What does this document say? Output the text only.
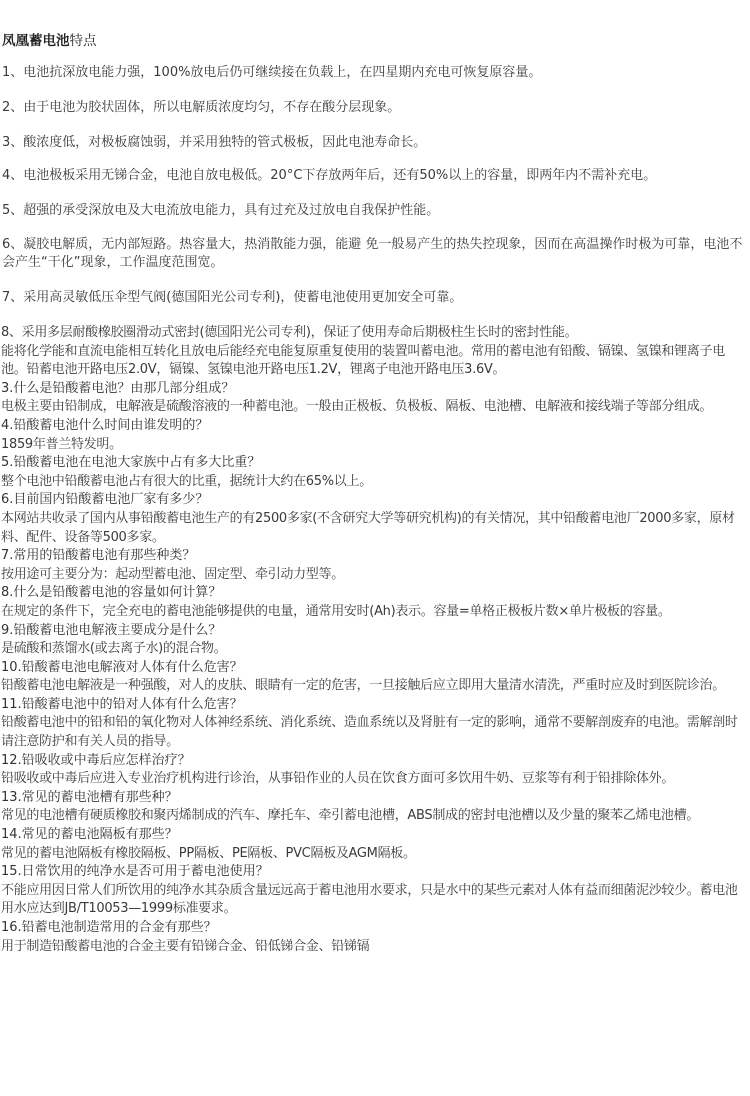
凤凰蓄电池特点
1、电池抗深放电能力强，100%放电后仍可继续接在负载上，在四星期内充电可恢复原容量。
2、由于电池为胶状固体，所以电解质浓度均匀，不存在酸分层现象。
3、酸浓度低，对极板腐蚀弱，并采用独特的管式极板，因此电池寿命长。
4、电池极板采用无锑合金，电池自放电极低。20°C下存放两年后，还有50%以上的容量，即两年内不需补充电。
5、超强的承受深放电及大电流放电能力，具有过充及过放电自我保护性能。
6、凝胶电解质，无内部短路。热容量大，热消散能力强，能避 免一般易产生的热失控现象，因而在高温操作时极为可靠，电池不会产生“干化”现象，工作温度范围宽。
7、采用高灵敏低压伞型气阀(德国阳光公司专利)，使蓄电池使用更加安全可靠。
8、采用多层耐酸橡胶圈滑动式密封(德国阳光公司专利)，保证了使用寿命后期极柱生长时的密封性能。
能将化学能和直流电能相互转化且放电后能经充电能复原重复使用的装置叫蓄电池。常用的蓄电池有铅酸、镉镍、氢镍和锂离子电池。铅蓄电池开路电压2.0V，镉镍、氢镍电池开路电压1.2V，锂离子电池开路电压3.6V。
3.什么是铅酸蓄电池？由那几部分组成？
电极主要由铅制成，电解液是硫酸溶液的一种蓄电池。一般由正极板、负极板、隔板、电池槽、电解液和接线端子等部分组成。
4.铅酸蓄电池什么时间由谁发明的？
1859年普兰特发明。
5.铅酸蓄电池在电池大家族中占有多大比重？
整个电池中铅酸蓄电池占有很大的比重，据统计大约在65%以上。
6.目前国内铅酸蓄电池厂家有多少？
本网站共收录了国内从事铅酸蓄电池生产的有2500多家(不含研究大学等研究机构)的有关情况，其中铅酸蓄电池厂2000多家，原材料、配件、设备等500多家。
7.常用的铅酸蓄电池有那些种类？
按用途可主要分为：起动型蓄电池、固定型、牵引动力型等。
8.什么是铅酸蓄电池的容量如何计算？
在规定的条件下，完全充电的蓄电池能够提供的电量，通常用安时(Ah)表示。容量=单格正极板片数×单片极板的容量。
9.铅酸蓄电池电解液主要成分是什么？
是硫酸和蒸馏水(或去离子水)的混合物。
10.铅酸蓄电池电解液对人体有什么危害？
铅酸蓄电池电解液是一种强酸，对人的皮肤、眼睛有一定的危害，一旦接触后应立即用大量清水清洗，严重时应及时到医院诊治。
11.铅酸蓄电池中的铅对人体有什么危害？
铅酸蓄电池中的铅和铅的氧化物对人体神经系统、消化系统、造血系统以及肾脏有一定的影响，通常不要解剖废弃的电池。需解剖时请注意防护和有关人员的指导。
12.铅吸收或中毒后应怎样治疗？
铅吸收或中毒后应进入专业治疗机构进行诊治，从事铅作业的人员在饮食方面可多饮用牛奶、豆浆等有利于铅排除体外。
13.常见的蓄电池槽有那些种？
常见的电池槽有硬质橡胶和聚丙烯制成的汽车、摩托车、牵引蓄电池槽，ABS制成的密封电池槽以及少量的聚苯乙烯电池槽。
14.常见的蓄电池隔板有那些？
常见的蓄电池隔板有橡胶隔板、PP隔板、PE隔板、PVC隔板及AGM隔板。
15.日常饮用的纯净水是否可用于蓄电池使用？
不能应用因日常人们所饮用的纯净水其杂质含量远远高于蓄电池用水要求，只是水中的某些元素对人体有益而细菌泥沙较少。蓄电池用水应达到JB/T10053—1999标准要求。
16.铅蓄电池制造常用的合金有那些？
用于制造铅酸蓄电池的合金主要有铅锑合金、铅低锑合金、铅锑镉
